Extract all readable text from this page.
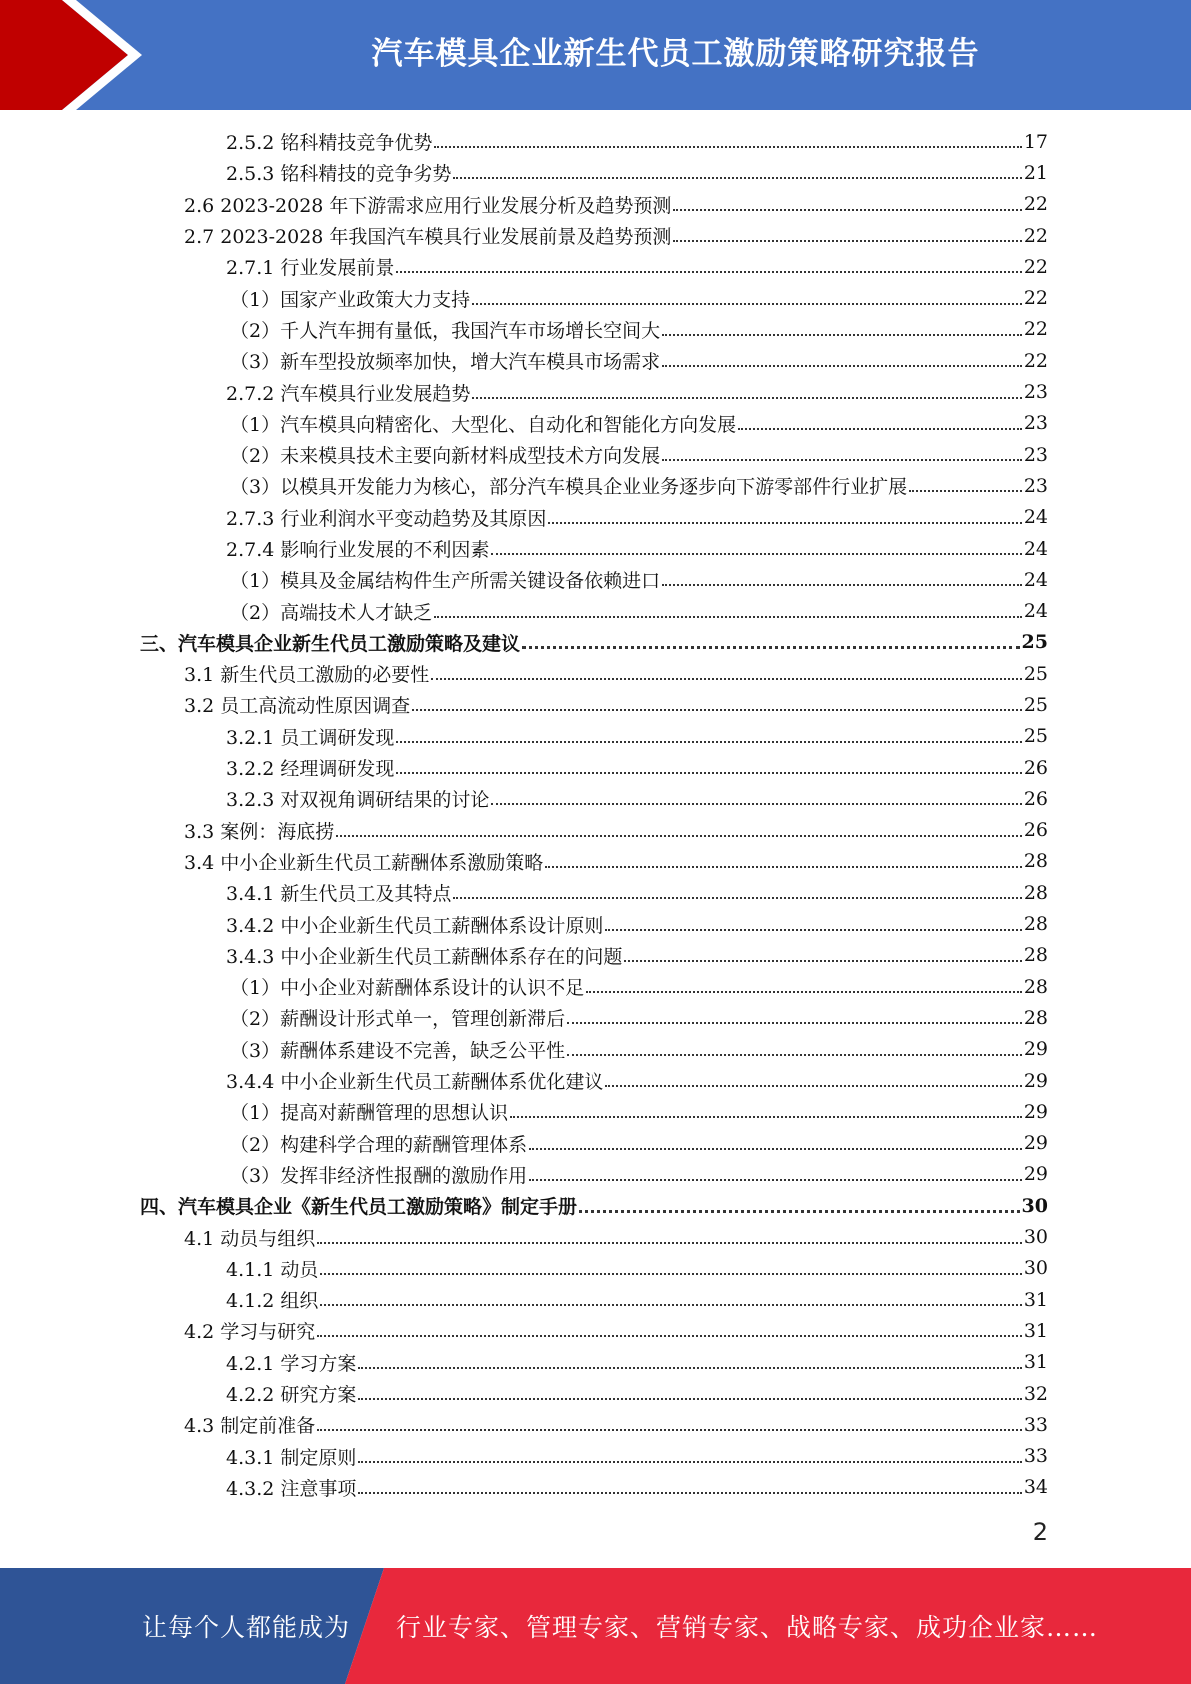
汽车模具企业新生代员工激励策略研究报告
2.5.2 铭科精技竞争优势	17
2.5.3 铭科精技的竞争劣势	21
2.6 2023-2028 年下游需求应用行业发展分析及趋势预测	22
2.7 2023-2028 年我国汽车模具行业发展前景及趋势预测	22
2.7.1 行业发展前景	22
（1）国家产业政策大力支持	22
（2）千人汽车拥有量低，我国汽车市场增长空间大	22
（3）新车型投放频率加快，增大汽车模具市场需求	22
2.7.2 汽车模具行业发展趋势	23
（1）汽车模具向精密化、大型化、自动化和智能化方向发展	23
（2）未来模具技术主要向新材料成型技术方向发展	23
（3）以模具开发能力为核心，部分汽车模具企业业务逐步向下游零部件行业扩展	23
2.7.3 行业利润水平变动趋势及其原因	24
2.7.4 影响行业发展的不利因素	24
（1）模具及金属结构件生产所需关键设备依赖进口	24
（2）高端技术人才缺乏	24
三、汽车模具企业新生代员工激励策略及建议	25
3.1 新生代员工激励的必要性	25
3.2 员工高流动性原因调查	25
3.2.1 员工调研发现	25
3.2.2 经理调研发现	26
3.2.3 对双视角调研结果的讨论	26
3.3 案例：海底捞	26
3.4 中小企业新生代员工薪酬体系激励策略	28
3.4.1 新生代员工及其特点	28
3.4.2 中小企业新生代员工薪酬体系设计原则	28
3.4.3 中小企业新生代员工薪酬体系存在的问题	28
（1）中小企业对薪酬体系设计的认识不足	28
（2）薪酬设计形式单一，管理创新滞后	28
（3）薪酬体系建设不完善，缺乏公平性	29
3.4.4 中小企业新生代员工薪酬体系优化建议	29
（1）提高对薪酬管理的思想认识	29
（2）构建科学合理的薪酬管理体系	29
（3）发挥非经济性报酬的激励作用	29
四、汽车模具企业《新生代员工激励策略》制定手册	30
4.1 动员与组织	30
4.1.1 动员	30
4.1.2 组织	31
4.2 学习与研究	31
4.2.1 学习方案	31
4.2.2 研究方案	32
4.3 制定前准备	33
4.3.1 制定原则	33
4.3.2 注意事项	34
2
让每个人都能成为 行业专家、管理专家、营销专家、战略专家、成功企业家……
